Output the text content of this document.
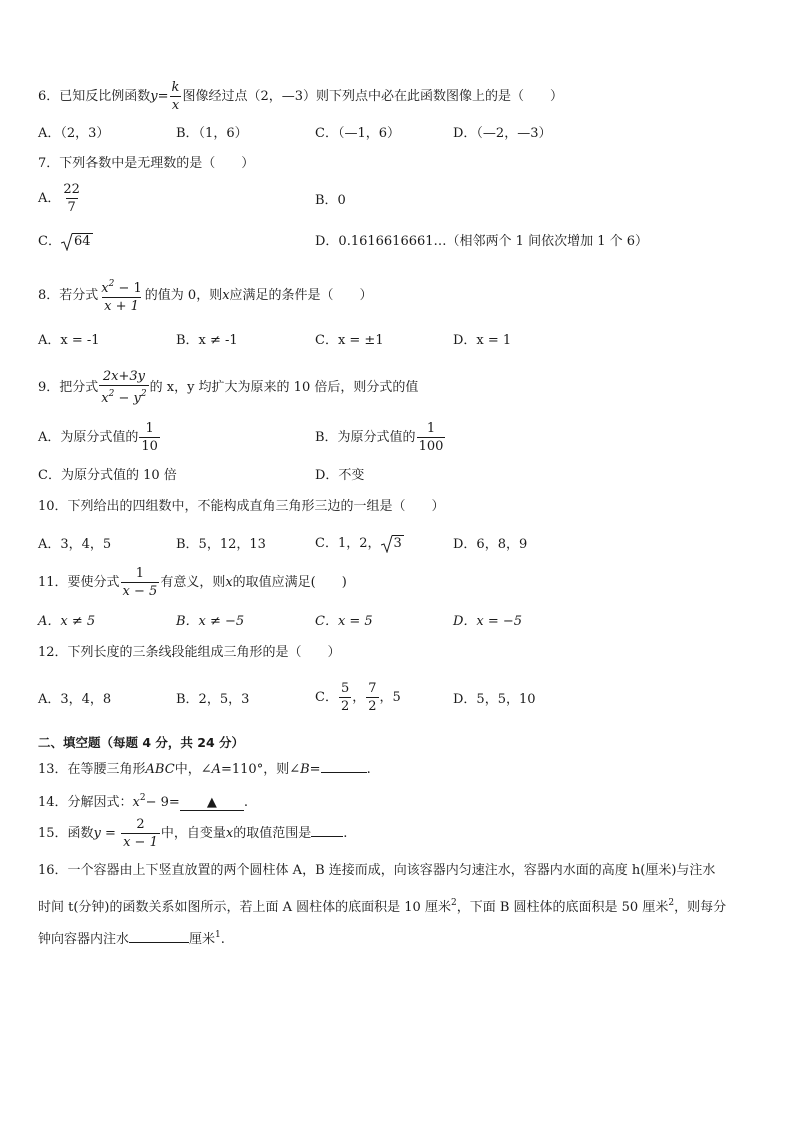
6．已知反比例函数$y= \frac{k}{x}$ 图像经过点（2，—3）则下列点中必在此函数图像上的是（　　）
A．（2，3）	B．（1，6）	C．（—1，6）	D．（—2，—3）
7．下列各数中是无理数的是（　　）
A． $\frac{22}{7}$	B．0
C． 64	D．0.1616616661…（相邻两个 1 间依次增加 1 个 6）
8．若分式 $\frac{x^2 - 1}{x + 1}$ 的值为 0，则x应满足的条件是（　　）
A．x = -1	B．x ≠ -1	C．x = ±1	D．x = 1
9．把分式 $\frac{2x+3y}{x^2 - y^2}$ 的 x，y 均扩大为原来的 10 倍后，则分式的值
A．为原分式值的 $\frac{1}{10}$	B．为原分式值的 $\frac{1}{100}$
C．为原分式值的 10 倍	D．不变
10．下列给出的四组数中，不能构成直角三角形三边的一组是（　　）
A．3，4，5	B．5，12，13	C．1，2， 3	D．6，8，9
11．要使分式 $\frac{1}{x - 5}$ 有意义，则x的取值应满足(　　)
A．x ≠ 5	B．x ≠ −5	C．x = 5	D．x = −5
12．下列长度的三条线段能组成三角形的是（　　）
A．3，4，8	B．2，5，3	C． $\frac{5}{2}$ ， $\frac{7}{2}$ ，5	D．5，5，10
二、填空题（每题 4 分，共 24 分）
13．在等腰三角形ABC中，∠A=110°，则∠B=	.
14．分解因式：$x^2- 9=$ ▲ .
15．函数$y = \frac{2}{x - 1}$ 中，自变量x的取值范围是 .
16．一个容器由上下竖直放置的两个圆柱体 A，B 连接而成，向该容器内匀速注水，容器内水面的高度 h(厘米)与注水
时间 t(分钟)的函数关系如图所示，若上面 A 圆柱体的底面积是 10 厘米$^2$，下面 B 圆柱体的底面积是 50 厘米$^2$，则每分
钟向容器内注水	厘米$^1$.
